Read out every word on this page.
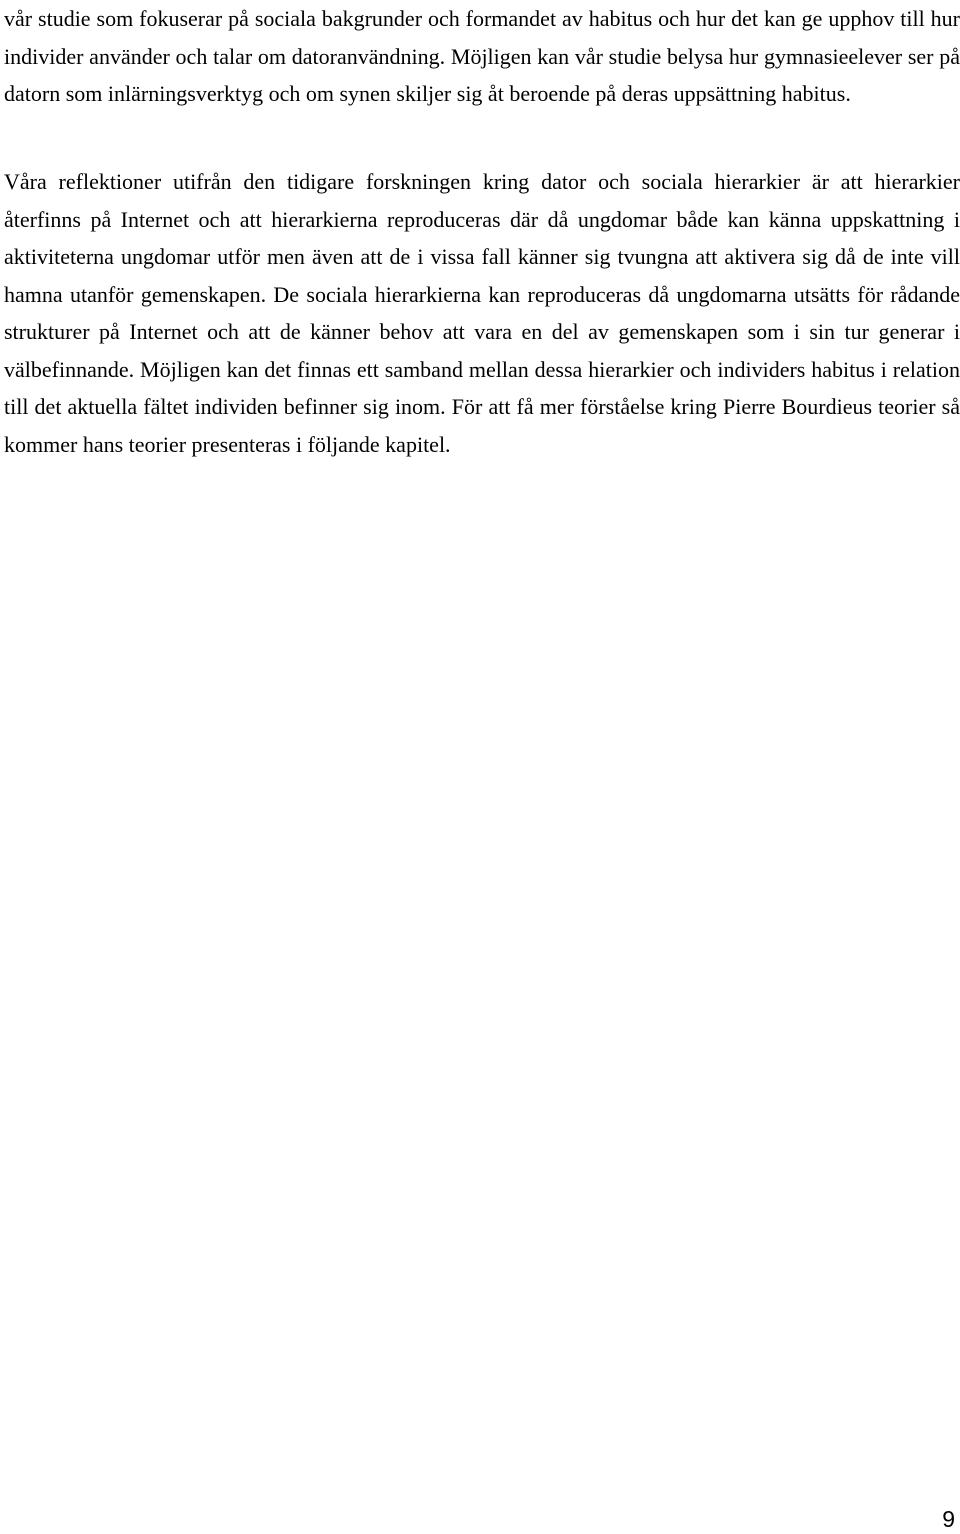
vår studie som fokuserar på sociala bakgrunder och formandet av habitus och hur det kan ge upphov till hur individer använder och talar om datoranvändning. Möjligen kan vår studie belysa hur gymnasieelever ser på datorn som inlärningsverktyg och om synen skiljer sig åt beroende på deras uppsättning habitus.

Våra reflektioner utifrån den tidigare forskningen kring dator och sociala hierarkier är att hierarkier återfinns på Internet och att hierarkierna reproduceras där då ungdomar både kan känna uppskattning i aktiviteterna ungdomar utför men även att de i vissa fall känner sig tvungna att aktivera sig då de inte vill hamna utanför gemenskapen. De sociala hierarkierna kan reproduceras då ungdomarna utsätts för rådande strukturer på Internet och att de känner behov att vara en del av gemenskapen som i sin tur generar i välbefinnande. Möjligen kan det finnas ett samband mellan dessa hierarkier och individers habitus i relation till det aktuella fältet individen befinner sig inom. För att få mer förståelse kring Pierre Bourdieus teorier så kommer hans teorier presenteras i följande kapitel.

9
